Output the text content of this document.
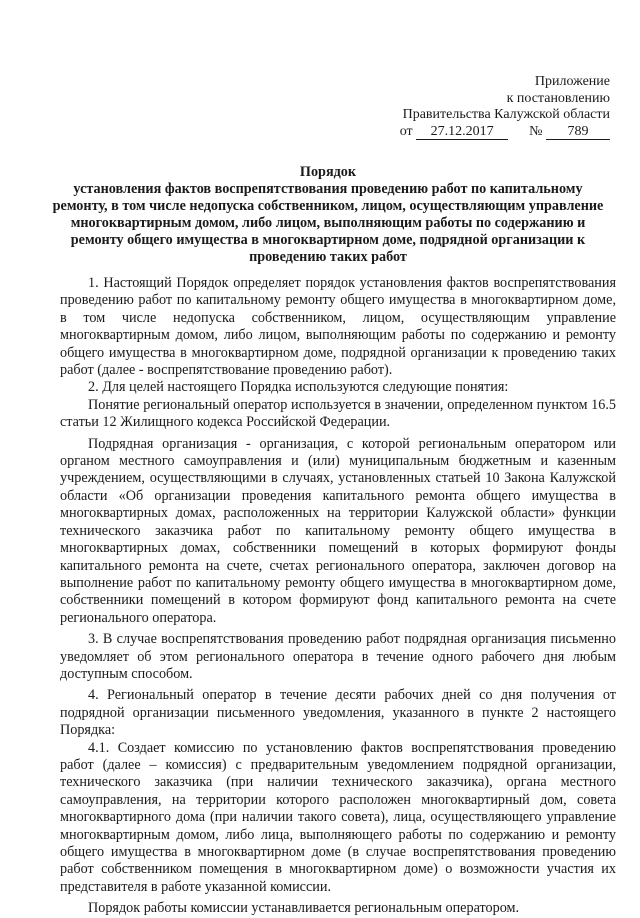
Приложение
к постановлению
Правительства Калужской области
от 27.12.2017	№ 789
Порядок
установления фактов воспрепятствования проведению работ по капитальному
ремонту, в том числе недопуска собственником, лицом, осуществляющим управление
многоквартирным домом, либо лицом, выполняющим работы по содержанию и
ремонту общего имущества в многоквартирном доме, подрядной организации к
проведению таких работ

1. Настоящий Порядок определяет порядок установления фактов воспрепятствования проведению работ по капитальному ремонту общего имущества в многоквартирном доме, в том числе недопуска собственником, лицом, осуществляющим управление многоквартирным домом, либо лицом, выполняющим работы по содержанию и ремонту общего имущества в многоквартирном доме, подрядной организации к проведению таких работ (далее - воспрепятствование проведению работ).

2. Для целей настоящего Порядка используются следующие понятия:

Понятие региональный оператор используется в значении, определенном пунктом 16.5 статьи 12 Жилищного кодекса Российской Федерации.

Подрядная организация - организация, с которой региональным оператором или органом местного самоуправления и (или) муниципальным бюджетным и казенным учреждением, осуществляющими в случаях, установленных статьей 10 Закона Калужской области «Об организации проведения капитального ремонта общего имущества в многоквартирных домах, расположенных на территории Калужской области» функции технического заказчика работ по капитальному ремонту общего имущества в многоквартирных домах, собственники помещений в которых формируют фонды капитального ремонта на счете, счетах регионального оператора, заключен договор на выполнение работ по капитальному ремонту общего имущества в многоквартирном доме, собственники помещений в котором формируют фонд капитального ремонта на счете регионального оператора.

3. В случае воспрепятствования проведению работ подрядная организация письменно уведомляет об этом регионального оператора в течение одного рабочего дня любым доступным способом.

4. Региональный оператор в течение десяти рабочих дней со дня получения от подрядной организации письменного уведомления, указанного в пункте 2 настоящего Порядка:

4.1. Создает комиссию по установлению фактов воспрепятствования проведению работ (далее – комиссия) с предварительным уведомлением подрядной организации, технического заказчика (при наличии технического заказчика), органа местного самоуправления, на территории которого расположен многоквартирный дом, совета многоквартирного дома (при наличии такого совета), лица, осуществляющего управление многоквартирным домом, либо лица, выполняющего работы по содержанию и ремонту общего имущества в многоквартирном доме (в случае воспрепятствования проведению работ собственником помещения в многоквартирном доме) о возможности участия их представителя в работе указанной комиссии.

Порядок работы комиссии устанавливается региональным оператором.
